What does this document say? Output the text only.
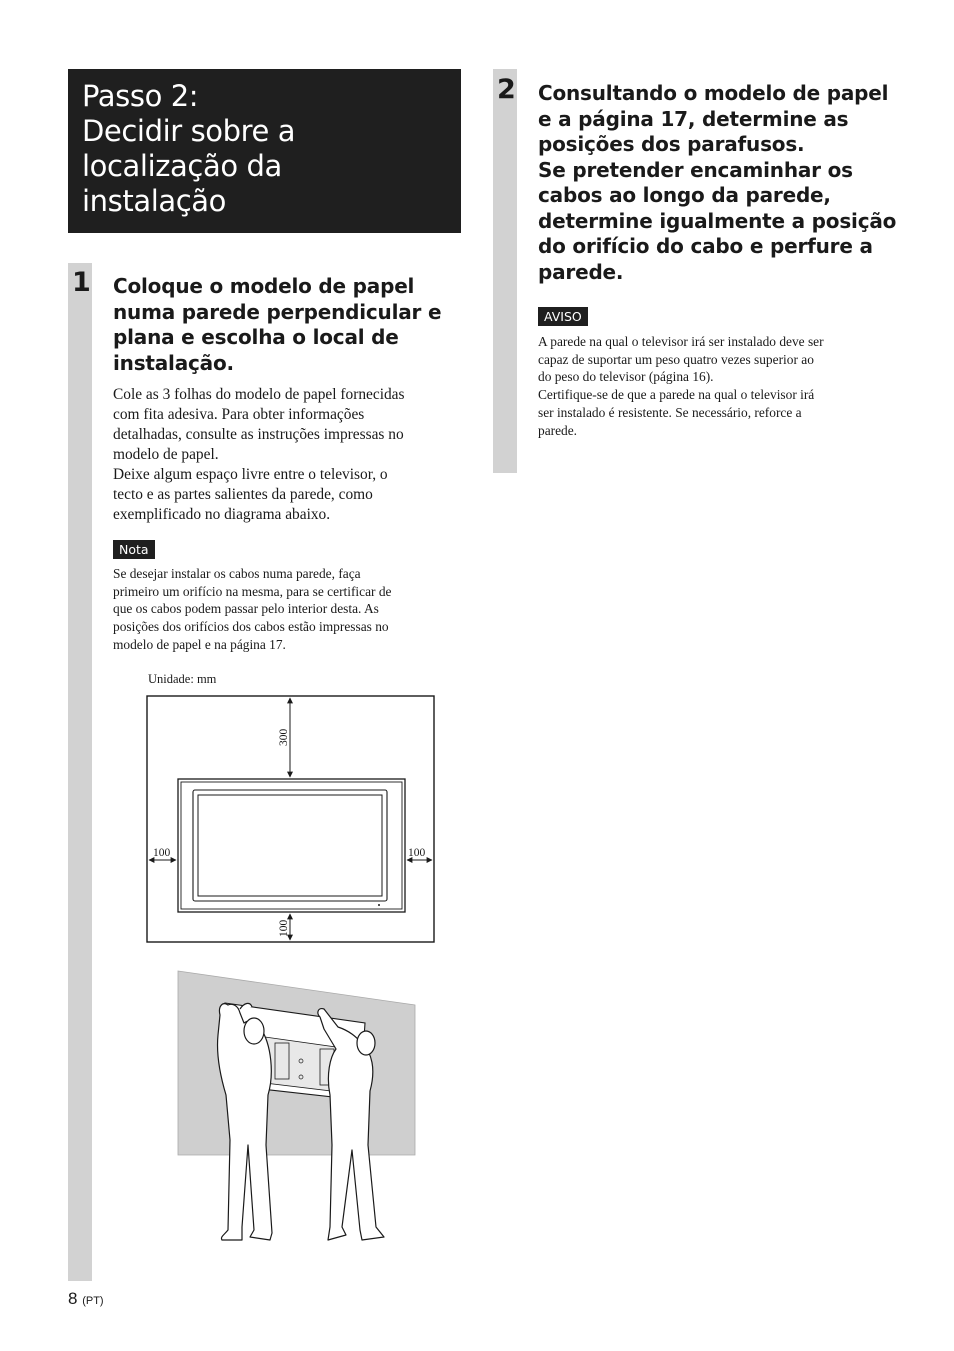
Passo 2:
Decidir sobre a
localização da
instalação
1 Coloque o modelo de papel
numa parede perpendicular e
plana e escolha o local de
instalação.
Cole as 3 folhas do modelo de papel fornecidas
com fita adesiva. Para obter informações
detalhadas, consulte as instruções impressas no
modelo de papel.
Deixe algum espaço livre entre o televisor, o
tecto e as partes salientes da parede, como
exemplificado no diagrama abaixo.
Nota
Se desejar instalar os cabos numa parede, faça
primeiro um orifício na mesma, para se certificar de
que os cabos podem passar pelo interior desta. As
posições dos orifícios dos cabos estão impressas no
modelo de papel e na página 17.
Unidade: mm
300
100
100	100
2 Consultando o modelo de papel
e a página 17, determine as
posições dos parafusos.
Se pretender encaminhar os
cabos ao longo da parede,
determine igualmente a posição
do orifício do cabo e perfure a
parede.
AVISO
A parede na qual o televisor irá ser instalado deve ser
capaz de suportar um peso quatro vezes superior ao
do peso do televisor (página 16).
Certifique-se de que a parede na qual o televisor irá
ser instalado é resistente. Se necessário, reforce a
parede.
8 (PT)
